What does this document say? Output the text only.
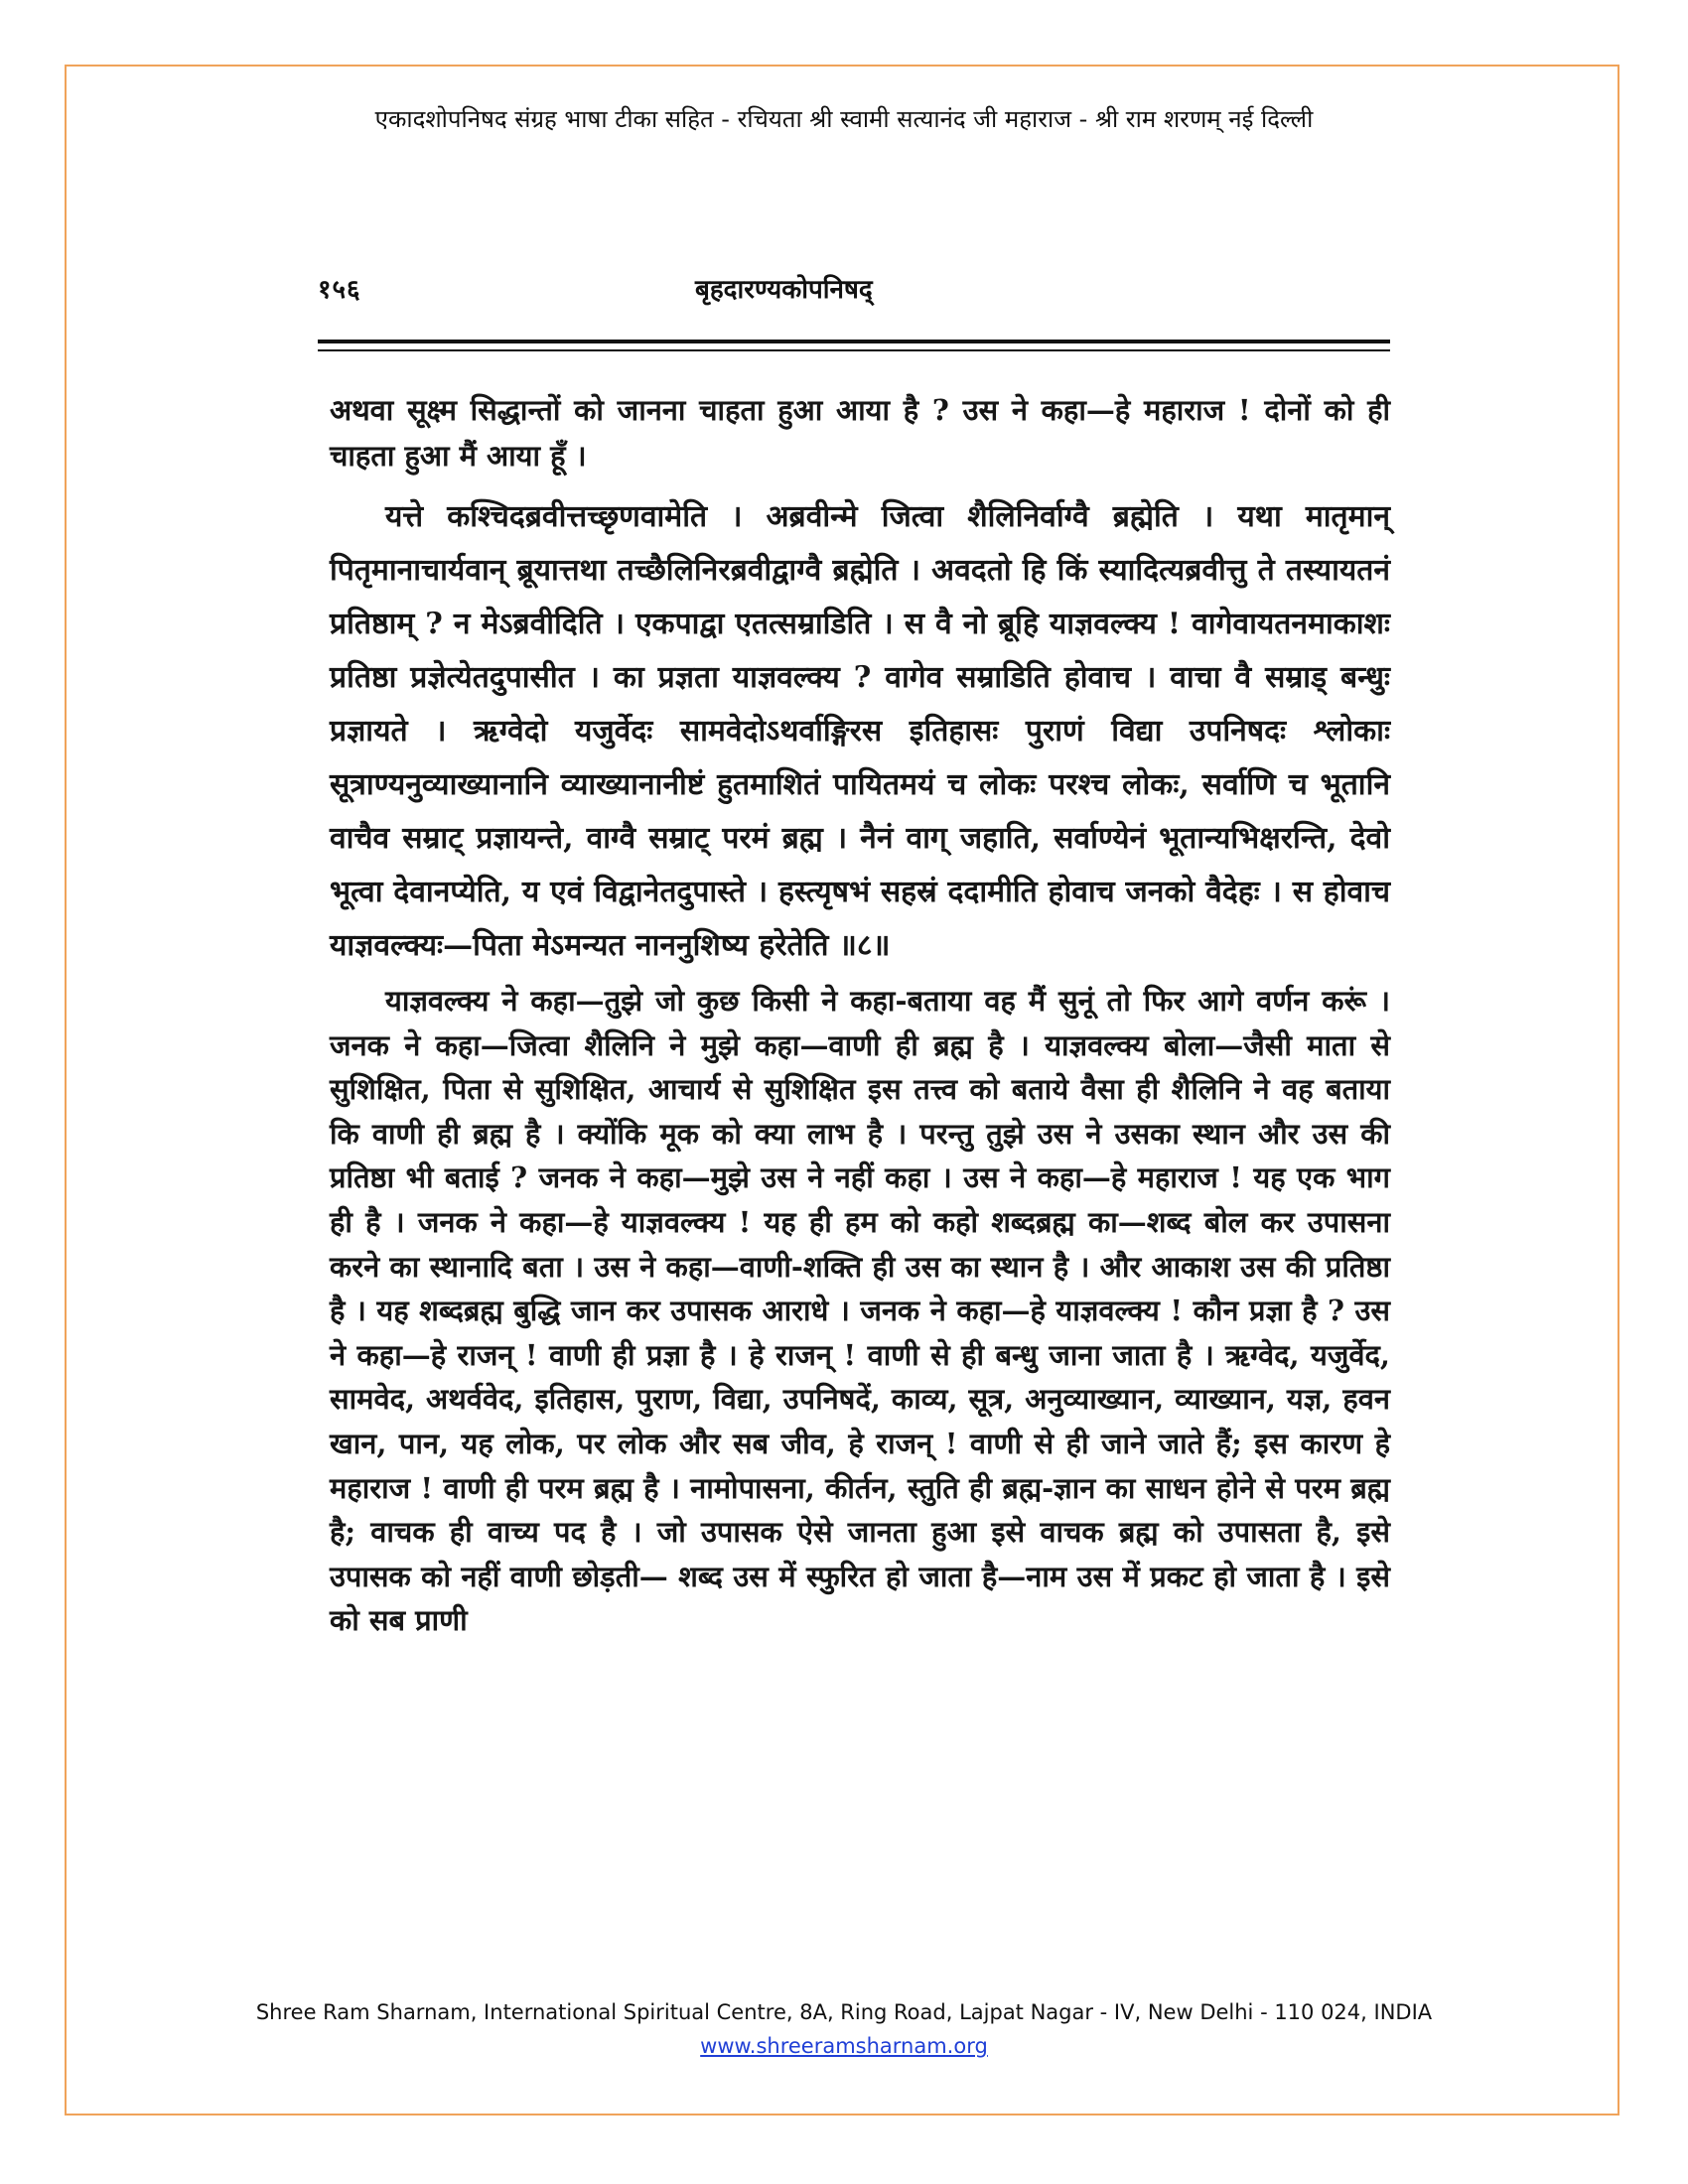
एकादशोपनिषद संग्रह भाषा टीका सहित - रचियता श्री स्वामी सत्यानंद जी महाराज - श्री राम शरणम् नई दिल्ली
१५६	बृहदारण्यकोपनिषद्

अथवा सूक्ष्म सिद्धान्तों को जानना चाहता हुआ आया है ? उस ने कहा—हे महाराज ! दोनों को ही चाहता हुआ मैं आया हूँ ।

यत्ते कश्चिदब्रवीत्तच्छृणवामेति । अब्रवीन्मे जित्वा शैलिनिर्वाग्वै ब्रह्मेति । यथा मातृमान् पितृमानाचार्यवान् ब्रूयात्तथा तच्छैलिनिरब्रवीद्वाग्वै ब्रह्मेति । अवदतो हि किं स्यादित्यब्रवीत्तु ते तस्यायतनं प्रतिष्ठाम् ? न मेऽब्रवीदिति । एकपाद्वा एतत्सम्राडिति । स वै नो ब्रूहि याज्ञवल्क्य ! वागेवायतनमाकाशः प्रतिष्ठा प्रज्ञेत्येतदुपासीत । का प्रज्ञता याज्ञवल्क्य ? वागेव सम्राडिति होवाच । वाचा वै सम्राड् बन्धुः प्रज्ञायते । ऋग्वेदो यजुर्वेदः सामवेदोऽथर्वाङ्गिरस इतिहासः पुराणं विद्या उपनिषदः श्लोकाः सूत्राण्यनुव्याख्यानानि व्याख्यानानीष्टं हुतमाशितं पायितमयं च लोकः परश्च लोकः, सर्वाणि च भूतानि वाचैव सम्राट् प्रज्ञायन्ते, वाग्वै सम्राट् परमं ब्रह्म । नैनं वाग् जहाति, सर्वाण्येनं भूतान्यभिक्षरन्ति, देवो भूत्वा देवानप्येति, य एवं विद्वानेतदुपास्ते । हस्त्यृषभं सहस्रं ददामीति होवाच जनको वैदेहः । स होवाच याज्ञवल्क्यः—पिता मेऽमन्यत नाननुशिष्य हरेतेति ॥८॥

याज्ञवल्क्य ने कहा—तुझे जो कुछ किसी ने कहा-बताया वह मैं सुनूं तो फिर आगे वर्णन करूं । जनक ने कहा—जित्वा शैलिनि ने मुझे कहा—वाणी ही ब्रह्म है । याज्ञवल्क्य बोला—जैसी माता से सुशिक्षित, पिता से सुशिक्षित, आचार्य से सुशिक्षित इस तत्त्व को बताये वैसा ही शैलिनि ने वह बताया कि वाणी ही ब्रह्म है । क्योंकि मूक को क्या लाभ है । परन्तु तुझे उस ने उसका स्थान और उस की प्रतिष्ठा भी बताई ? जनक ने कहा—मुझे उस ने नहीं कहा । उस ने कहा—हे महाराज ! यह एक भाग ही है । जनक ने कहा—हे याज्ञवल्क्य ! यह ही हम को कहो शब्दब्रह्म का—शब्द बोल कर उपासना करने का स्थानादि बता । उस ने कहा—वाणी-शक्ति ही उस का स्थान है । और आकाश उस की प्रतिष्ठा है । यह शब्दब्रह्म बुद्धि जान कर उपासक आराधे । जनक ने कहा—हे याज्ञवल्क्य ! कौन प्रज्ञा है ? उस ने कहा—हे राजन् ! वाणी ही प्रज्ञा है । हे राजन् ! वाणी से ही बन्धु जाना जाता है । ऋग्वेद, यजुर्वेद, सामवेद, अथर्ववेद, इतिहास, पुराण, विद्या, उपनिषदें, काव्य, सूत्र, अनुव्याख्यान, व्याख्यान, यज्ञ, हवन खान, पान, यह लोक, पर लोक और सब जीव, हे राजन् ! वाणी से ही जाने जाते हैं; इस कारण हे महाराज ! वाणी ही परम ब्रह्म है । नामोपासना, कीर्तन, स्तुति ही ब्रह्म-ज्ञान का साधन होने से परम ब्रह्म है; वाचक ही वाच्य पद है । जो उपासक ऐसे जानता हुआ इसे वाचक ब्रह्म को उपासता है, इसे उपासक को नहीं वाणी छोड़ती— शब्द उस में स्फुरित हो जाता है—नाम उस में प्रकट हो जाता है । इसे को सब प्राणी

Shree Ram Sharnam, International Spiritual Centre, 8A, Ring Road, Lajpat Nagar - IV, New Delhi - 110 024, INDIA
www.shreeramsharnam.org
